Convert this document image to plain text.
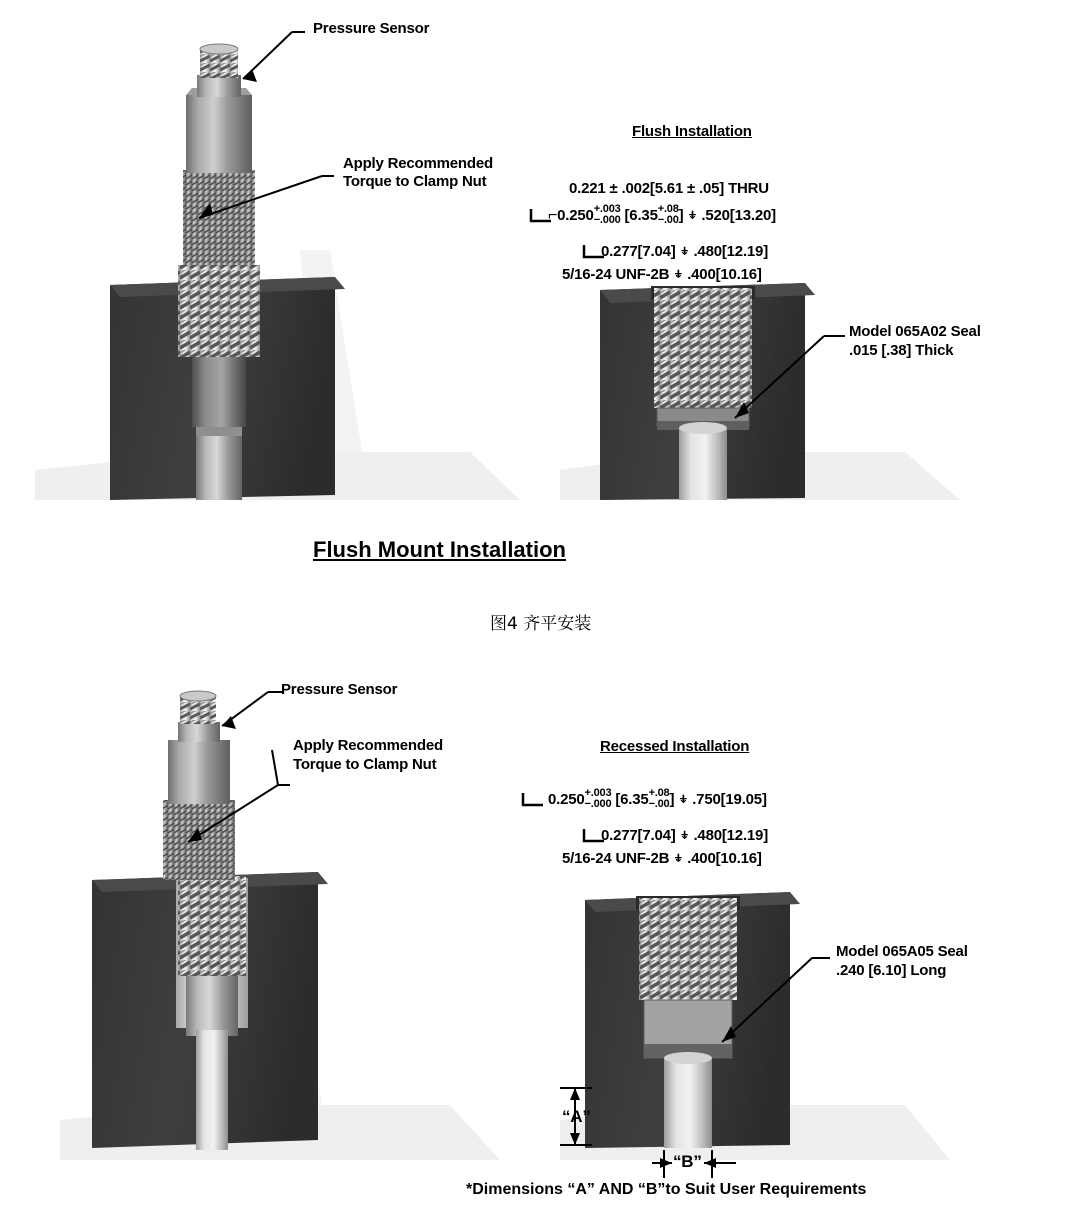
Pressure Sensor
Apply Recommended
Torque to Clamp Nut
Flush Installation
Model 065A02 Seal
.015 [.38] Thick
0.221 ± .002[5.61 ± .05] THRU
⌐0.250 +.003
−.000 [6.35 +.08
−.00 ] ⍖ .520[13.20]
0.277[7.04] ⍖ .480[12.19]
5/16-24 UNF-2B ⍖ .400[10.16]
Flush Mount Installation
图4 齐平安装
Pressure Sensor
Apply Recommended
Torque to Clamp Nut
Recessed Installation
Model 065A05 Seal
.240 [6.10] Long
0.250 +.003
−.000 [6.35 +.08
−.00 ] ⍖ .750[19.05]
0.277[7.04] ⍖ .480[12.19]
5/16-24 UNF-2B ⍖ .400[10.16]
“A”
“B”
*Dimensions “A” AND “B”to Suit User Requirements
